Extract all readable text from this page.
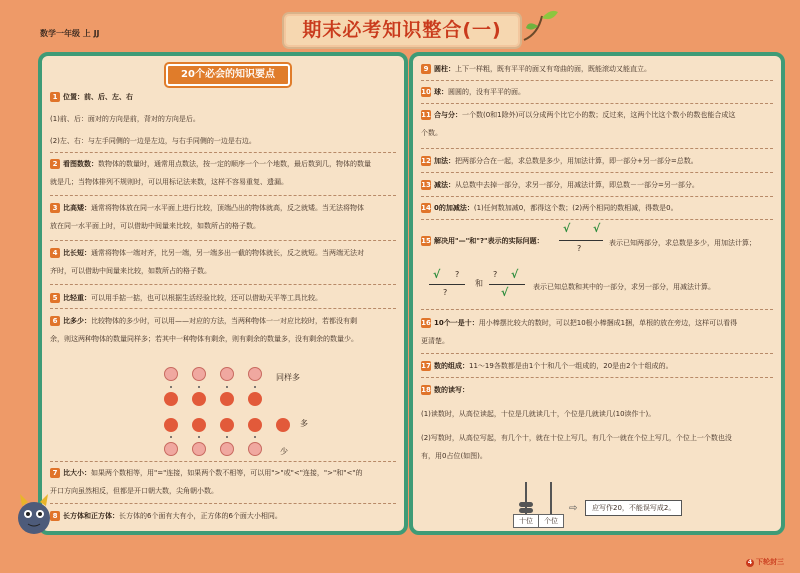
数学一年级 上 JJ	期末必考知识整合(一)
20个必会的知识要点
1 位置：前、后、左、右
(1)前、后：面对的方向是前，背对的方向是后。
(2)左、右：与左手同侧的一边是左边，与右手同侧的一边是右边。
2 看图数数：数物体的数量时，通常用点数法，按一定的顺序一个一个地数，最后数到几，物体的数量
就是几；当物体排列不规则时，可以用标记法来数，这样不容易重复、遗漏。
3 比高矮：通常将物体放在同一水平面上进行比较，顶端凸出的物体就高，反之就矮。当无法将物体
放在同一水平面上时，可以借助中间量来比较，如数所占的格子数。
4 比长短：通常将物体一端对齐，比另一端，另一端多出一截的物体就长，反之就短。当两端无法对
齐时，可以借助中间量来比较，如数所占的格子数。
5 比轻重：可以用手掂一掂，也可以根据生活经验比较，还可以借助天平等工具比较。
6 比多少：比较物体的多少时，可以用——对应的方法，当两种物体一一对应比较时，若都没有剩
余，则这两种物体的数量同样多；若其中一种物体有剩余，则有剩余的数量多，没有剩余的数量少。
同样多
多
少
7 比大小：如果两个数相等，用"="连接，如果两个数不相等，可以用">"或"<"连接，">"和"<"的
开口方向虽然相反，但都是开口朝大数，尖角朝小数。
8 长方体和正方体：长方体的6个面有大有小，正方体的6个面大小相同。
9 圆柱：上下一样粗，既有平平的面又有弯曲的面，既能滚动又能直立。
10 球：圆圆的，没有平平的面。
11 合与分：一个数(0和1除外)可以分成两个比它小的数；反过来，这两个比这个数小的数也能合成这
个数。
12 加法：把两部分合在一起，求总数是多少，用加法计算，即一部分+另一部分=总数。
13 减法：从总数中去掉一部分，求另一部分，用减法计算，即总数－一部分=另一部分。
14 0的加减法：(1)任何数加减0，都得这个数；(2)两个相同的数相减，得数是0。
15 解决用"—"和"?"表示的实际问题：
√ √
?
表示已知两部分，求总数是多少，用加法计算；
√ ?
?
和
? √
√	表示已知总数和其中的一部分，求另一部分，用减法计算。
16 10个一是十：用小棒摆比较大的数时，可以把10根小棒捆成1捆，单根的放在旁边，这样可以看得
更清楚。
17 数的组成：11～19各数都是由1个十和几个一组成的，20是由2个十组成的。
18 数的读写：
(1)读数时，从高位读起，十位是几就读几十，个位是几就读几(10读作十)。
(2)写数时，从高位写起，有几个十，就在十位上写几，有几个一就在个位上写几，个位上一个数也没
有，用0占位(如图)。
十位	个位
⇨	应写作20，不能误写成2。
4 下轮封三
